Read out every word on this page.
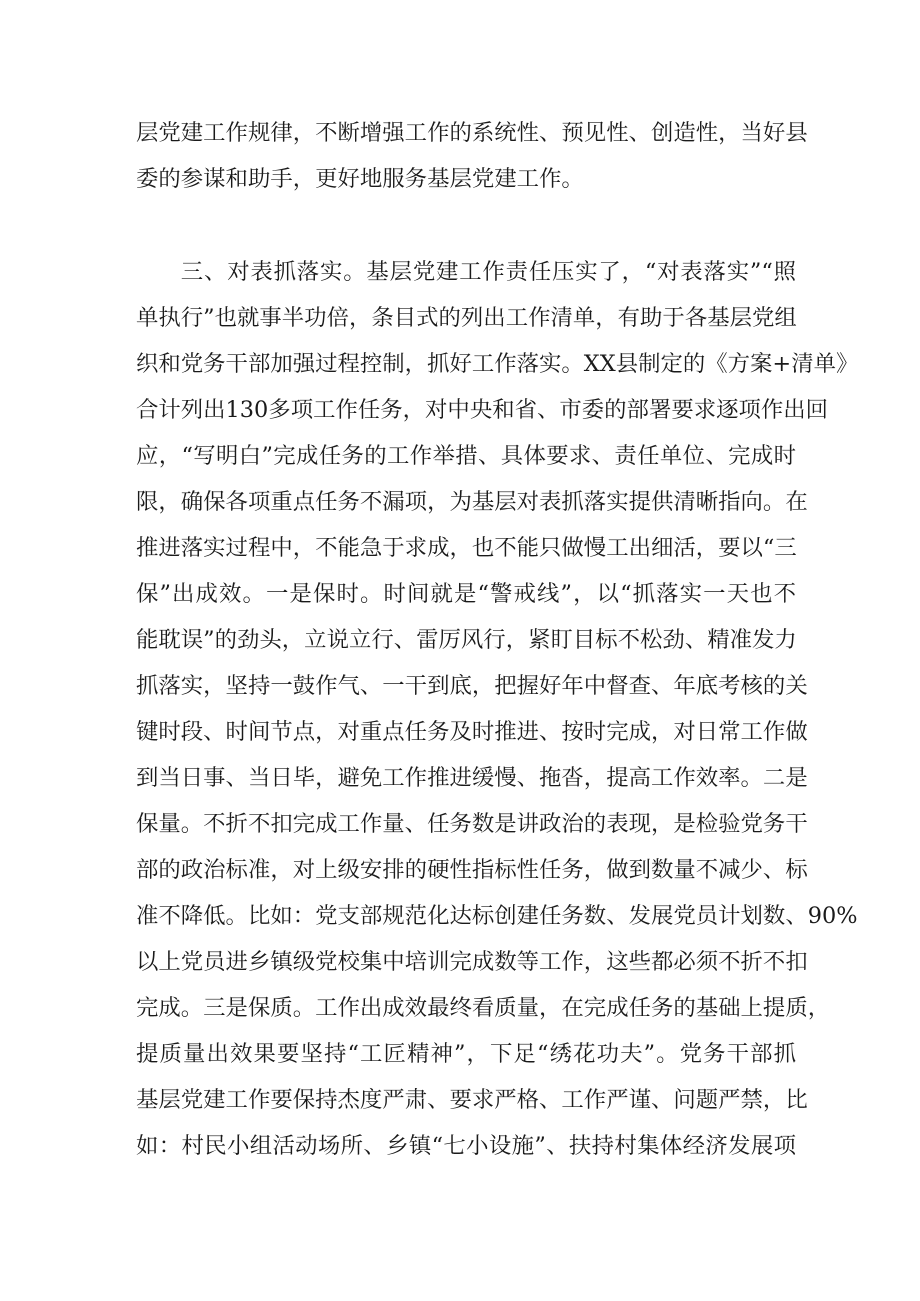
层党建工作规律，不断增强工作的系统性、预见性、创造性，当好县
委的参谋和助手，更好地服务基层党建工作。
三、对表抓落实。基层党建工作责任压实了，“对表落实”“照
单执行”也就事半功倍，条目式的列出工作清单，有助于各基层党组
织和党务干部加强过程控制，抓好工作落实。XX县制定的《方案+清单》
合计列出130多项工作任务，对中央和省、市委的部署要求逐项作出回
应，“写明白”完成任务的工作举措、具体要求、责任单位、完成时
限，确保各项重点任务不漏项，为基层对表抓落实提供清晰指向。在
推进落实过程中，不能急于求成，也不能只做慢工出细活，要以“三
保”出成效。一是保时。时间就是“警戒线”，以“抓落实一天也不
能耽误”的劲头，立说立行、雷厉风行，紧盯目标不松劲、精准发力
抓落实，坚持一鼓作气、一干到底，把握好年中督查、年底考核的关
键时段、时间节点，对重点任务及时推进、按时完成，对日常工作做
到当日事、当日毕，避免工作推进缓慢、拖沓，提高工作效率。二是
保量。不折不扣完成工作量、任务数是讲政治的表现，是检验党务干
部的政治标准，对上级安排的硬性指标性任务，做到数量不减少、标
准不降低。比如：党支部规范化达标创建任务数、发展党员计划数、90%
以上党员进乡镇级党校集中培训完成数等工作，这些都必须不折不扣
完成。三是保质。工作出成效最终看质量，在完成任务的基础上提质，
提质量出效果要坚持“工匠精神”，下足“绣花功夫”。党务干部抓
基层党建工作要保持杰度严肃、要求严格、工作严谨、问题严禁，比
如：村民小组活动场所、乡镇“七小设施”、扶持村集体经济发展项
